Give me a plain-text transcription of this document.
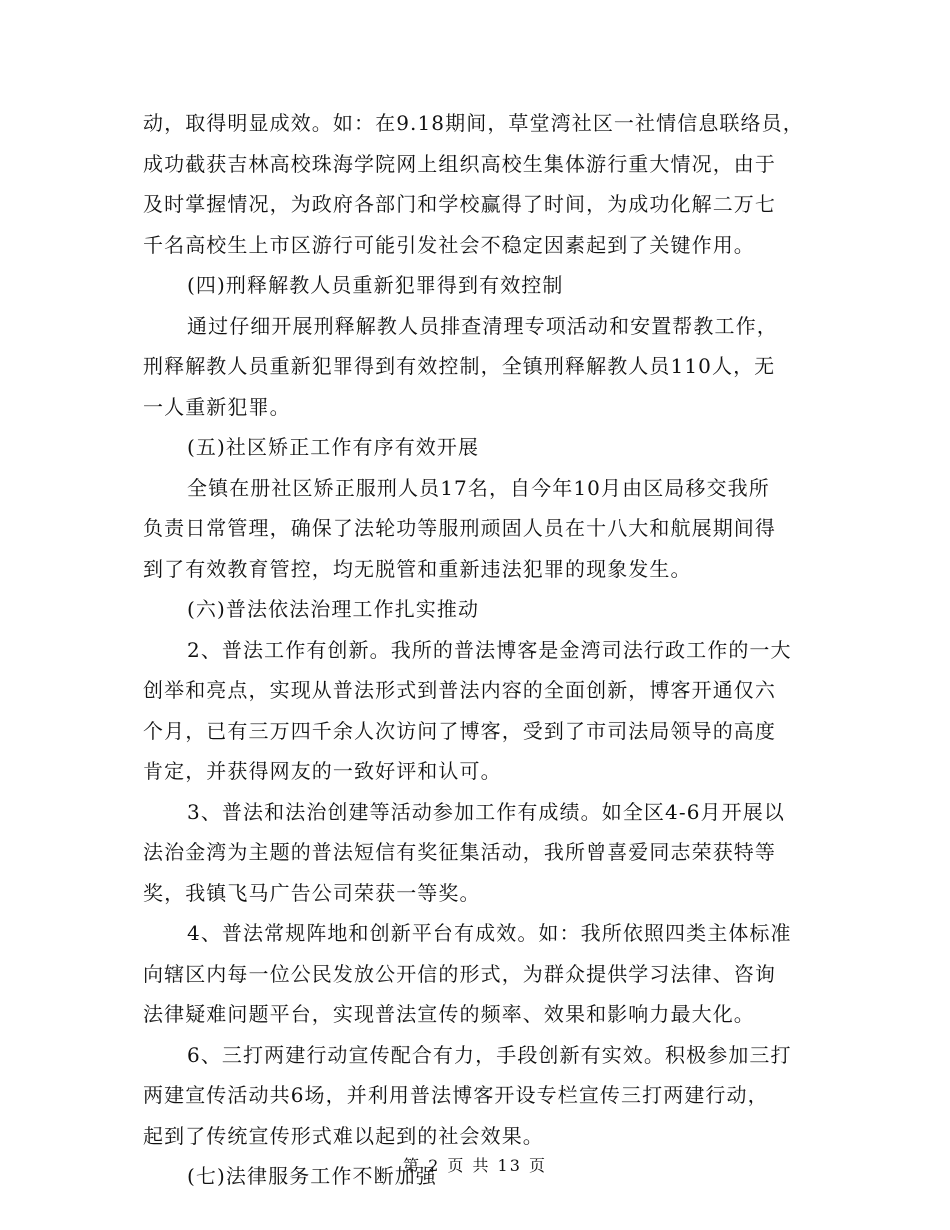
动，取得明显成效。如：在9.18期间，草堂湾社区一社情信息联络员，
成功截获吉林高校珠海学院网上组织高校生集体游行重大情况，由于
及时掌握情况，为政府各部门和学校赢得了时间，为成功化解二万七
千名高校生上市区游行可能引发社会不稳定因素起到了关键作用。
(四)刑释解教人员重新犯罪得到有效控制
通过仔细开展刑释解教人员排查清理专项活动和安置帮教工作，
刑释解教人员重新犯罪得到有效控制，全镇刑释解教人员110人，无
一人重新犯罪。
(五)社区矫正工作有序有效开展
全镇在册社区矫正服刑人员17名，自今年10月由区局移交我所
负责日常管理，确保了法轮功等服刑顽固人员在十八大和航展期间得
到了有效教育管控，均无脱管和重新违法犯罪的现象发生。
(六)普法依法治理工作扎实推动
2、普法工作有创新。我所的普法博客是金湾司法行政工作的一大
创举和亮点，实现从普法形式到普法内容的全面创新，博客开通仅六
个月，已有三万四千余人次访问了博客，受到了市司法局领导的高度
肯定，并获得网友的一致好评和认可。
3、普法和法治创建等活动参加工作有成绩。如全区4-6月开展以
法治金湾为主题的普法短信有奖征集活动，我所曾喜爱同志荣获特等
奖，我镇飞马广告公司荣获一等奖。
4、普法常规阵地和创新平台有成效。如：我所依照四类主体标准
向辖区内每一位公民发放公开信的形式，为群众提供学习法律、咨询
法律疑难问题平台，实现普法宣传的频率、效果和影响力最大化。
6、三打两建行动宣传配合有力，手段创新有实效。积极参加三打
两建宣传活动共6场，并利用普法博客开设专栏宣传三打两建行动，
起到了传统宣传形式难以起到的社会效果。
(七)法律服务工作不断加强
第 2 页 共 13 页
